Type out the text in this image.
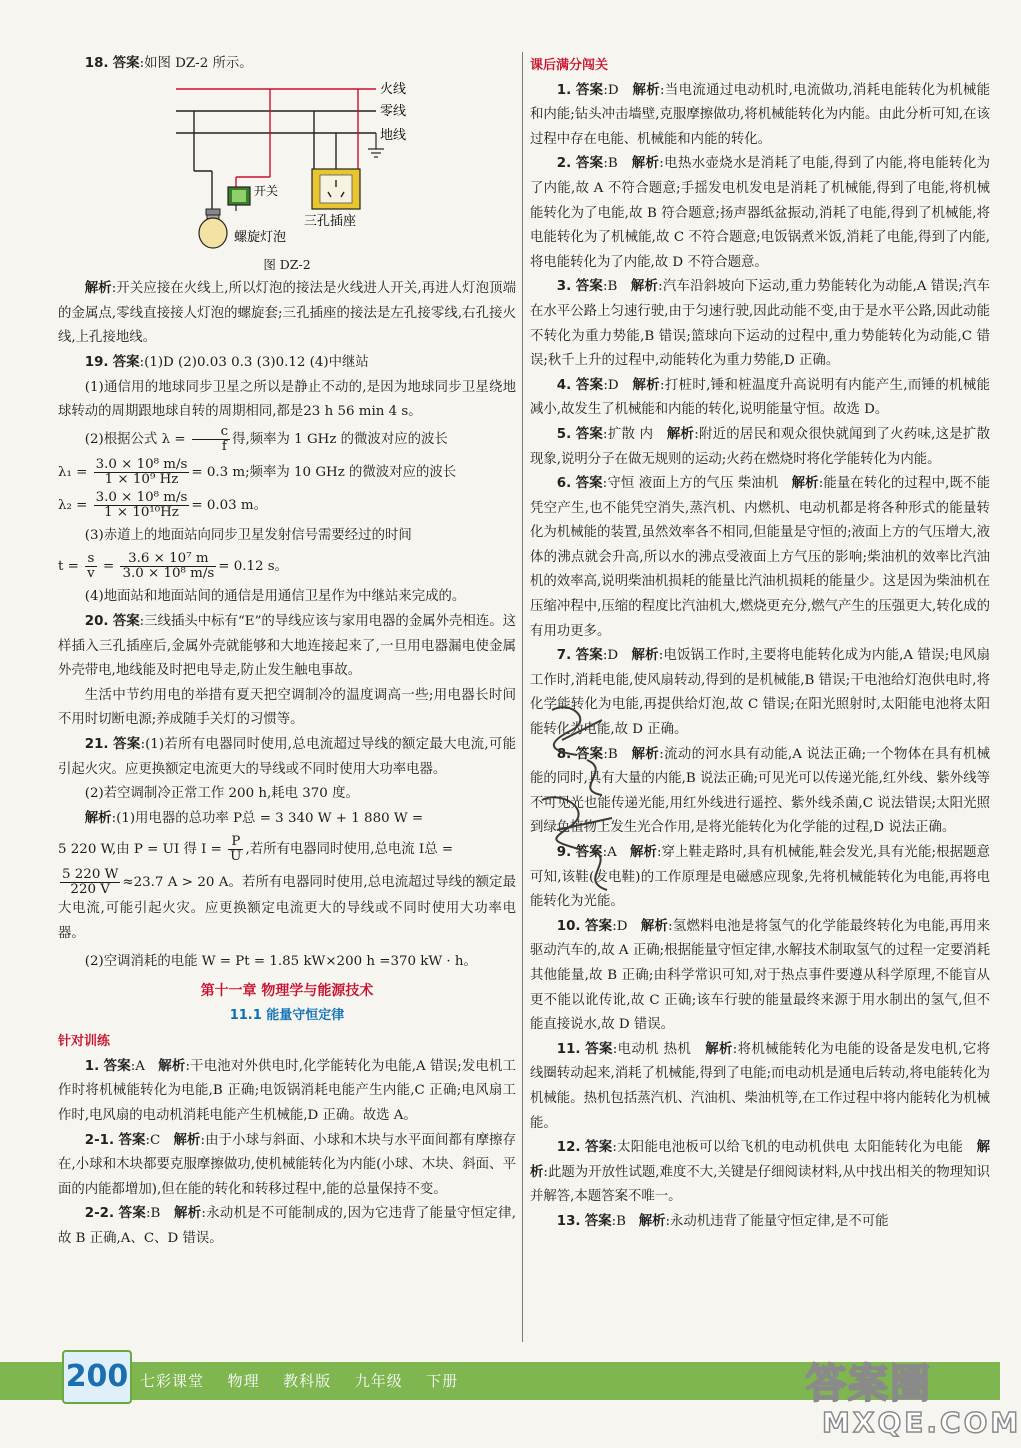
18. 答案:如图 DZ-2 所示。

火线
零线
地线
开关
三孔插座
螺旋灯泡

图 DZ-2

解析:开关应接在火线上,所以灯泡的接法是火线进人开关,再进人灯泡顶端的金属点,零线直接接人灯泡的螺旋套;三孔插座的接法是左孔接零线,右孔接火线,上孔接地线。

19. 答案:(1)D (2)0.03 0.3 (3)0.12 (4)中继站

(1)通信用的地球同步卫星之所以是静止不动的,是因为地球同步卫星绕地球转动的周期跟地球自转的周期相同,都是23 h 56 min 4 s。

(2)根据公式 $\lambda = \frac{c}{f}$ 得,频率为 1 GHz 的微波对应的波长

$\lambda_1 = \frac{\text{3.0 × 10⁸ m/s}}{\text{1 × 10⁹ Hz}} = 0.3$ m;频率为 10 GHz 的微波对应的波长

$\lambda_2 = \frac{\text{3.0 × 10⁸ m/s}}{\text{1 × 10¹⁰Hz}} = 0.03$ m。

(3)赤道上的地面站向同步卫星发射信号需要经过的时间

$t = \frac{s}{v} = \frac{\text{3.6 × 10⁷ m}}{\text{3.0 × 10⁸ m/s}} = 0.12$ s。

(4)地面站和地面站间的通信是用通信卫星作为中继站来完成的。

20. 答案:三线插头中标有“E”的导线应该与家用电器的金属外壳相连。这样插入三孔插座后,金属外壳就能够和大地连接起来了,一旦用电器漏电使金属外壳带电,地线能及时把电导走,防止发生触电事故。

生活中节约用电的举措有夏天把空调制冷的温度调高一些;用电器长时间不用时切断电源;养成随手关灯的习惯等。

21. 答案:(1)若所有电器同时使用,总电流超过导线的额定最大电流,可能引起火灾。应更换额定电流更大的导线或不同时使用大功率电器。

(2)若空调制冷正常工作 200 h,耗电 370 度。

解析:(1)用电器的总功率 P总 = 3 340 W + 1 880 W =

5 220 W,由 P = UI 得 $I = \frac{P}{U}$ ,若所有电器同时使用,总电流 I总 =

$\frac{5 220 W}{220 V} \approx 23.7$ A > 20 A。若所有电器同时使用,总电流超过导线的额定最大电流,可能引起火灾。应更换额定电流更大的导线或不同时使用大功率电器。

(2)空调消耗的电能 W = Pt = 1.85 kW×200 h =370 kW · h。

第十一章 物理学与能源技术

11.1 能量守恒定律

针对训练

1. 答案:A 解析:干电池对外供电时,化学能转化为电能,A 错误;发电机工作时将机械能转化为电能,B 正确;电饭锅消耗电能产生内能,C 正确;电风扇工作时,电风扇的电动机消耗电能产生机械能,D 正确。故选 A。

2-1. 答案:C 解析:由于小球与斜面、小球和木块与水平面间都有摩擦存在,小球和木块都要克服摩擦做功,使机械能转化为内能(小球、木块、斜面、平面的内能都增加),但在能的转化和转移过程中,能的总量保持不变。

2-2. 答案:B 解析:永动机是不可能制成的,因为它违背了能量守恒定律,故 B 正确,A、C、D 错误。

课后满分闯关

1. 答案:D 解析:当电流通过电动机时,电流做功,消耗电能转化为机械能和内能;钻头冲击墙壁,克服摩擦做功,将机械能转化为内能。由此分析可知,在该过程中存在电能、机械能和内能的转化。

2. 答案:B 解析:电热水壶烧水是消耗了电能,得到了内能,将电能转化为了内能,故 A 不符合题意;手摇发电机发电是消耗了机械能,得到了电能,将机械能转化为了电能,故 B 符合题意;扬声器纸盆振动,消耗了电能,得到了机械能,将电能转化为了机械能,故 C 不符合题意;电饭锅煮米饭,消耗了电能,得到了内能,将电能转化为了内能,故 D 不符合题意。

3. 答案:B 解析:汽车沿斜坡向下运动,重力势能转化为动能,A 错误;汽车在水平公路上匀速行驶,由于匀速行驶,因此动能不变,由于是水平公路,因此动能不转化为重力势能,B 错误;篮球向下运动的过程中,重力势能转化为动能,C 错误;秋千上升的过程中,动能转化为重力势能,D 正确。

4. 答案:D 解析:打桩时,锤和桩温度升高说明有内能产生,而锤的机械能减小,故发生了机械能和内能的转化,说明能量守恒。故选 D。

5. 答案:扩散 内 解析:附近的居民和观众很快就闻到了火药味,这是扩散现象,说明分子在做无规则的运动;火药在燃烧时将化学能转化为内能。

6. 答案:守恒 液面上方的气压 柴油机 解析:能量在转化的过程中,既不能凭空产生,也不能凭空消失,蒸汽机、内燃机、电动机都是将各种形式的能量转化为机械能的装置,虽然效率各不相同,但能量是守恒的;液面上方的气压增大,液体的沸点就会升高,所以水的沸点受液面上方气压的影响;柴油机的效率比汽油机的效率高,说明柴油机损耗的能量比汽油机损耗的能量少。这是因为柴油机在压缩冲程中,压缩的程度比汽油机大,燃烧更充分,燃气产生的压强更大,转化成的有用功更多。

7. 答案:D 解析:电饭锅工作时,主要将电能转化成为内能,A 错误;电风扇工作时,消耗电能,使风扇转动,得到的是机械能,B 错误;干电池给灯泡供电时,将化学能转化为电能,再提供给灯泡,故 C 错误;在阳光照射时,太阳能电池将太阳能转化为电能,故 D 正确。

8. 答案:B 解析:流动的河水具有动能,A 说法正确;一个物体在具有机械能的同时,具有大量的内能,B 说法正确;可见光可以传递光能,红外线、紫外线等不可见光也能传递光能,用红外线进行遥控、紫外线杀菌,C 说法错误;太阳光照到绿色植物上发生光合作用,是将光能转化为化学能的过程,D 说法正确。

9. 答案:A 解析:穿上鞋走路时,具有机械能,鞋会发光,具有光能;根据题意可知,该鞋(发电鞋)的工作原理是电磁感应现象,先将机械能转化为电能,再将电能转化为光能。

10. 答案:D 解析:氢燃料电池是将氢气的化学能最终转化为电能,再用来驱动汽车的,故 A 正确;根据能量守恒定律,水解技术制取氢气的过程一定要消耗其他能量,故 B 正确;由科学常识可知,对于热点事件要遵从科学原理,不能盲从更不能以讹传讹,故 C 正确;该车行驶的能量最终来源于用水制出的氢气,但不能直接说水,故 D 错误。

11. 答案:电动机 热机 解析:将机械能转化为电能的设备是发电机,它将线圈转动起来,消耗了机械能,得到了电能;而电动机是通电后转动,将电能转化为机械能。热机包括蒸汽机、汽油机、柴油机等,在工作过程中将内能转化为机械能。

12. 答案:太阳能电池板可以给飞机的电动机供电 太阳能转化为电能 解析:此题为开放性试题,难度不大,关键是仔细阅读材料,从中找出相关的物理知识并解答,本题答案不唯一。

13. 答案:B 解析:永动机违背了能量守恒定律,是不可能

200 七彩课堂 物理 教科版 九年级 下册	答案圈
MXQE.COM
